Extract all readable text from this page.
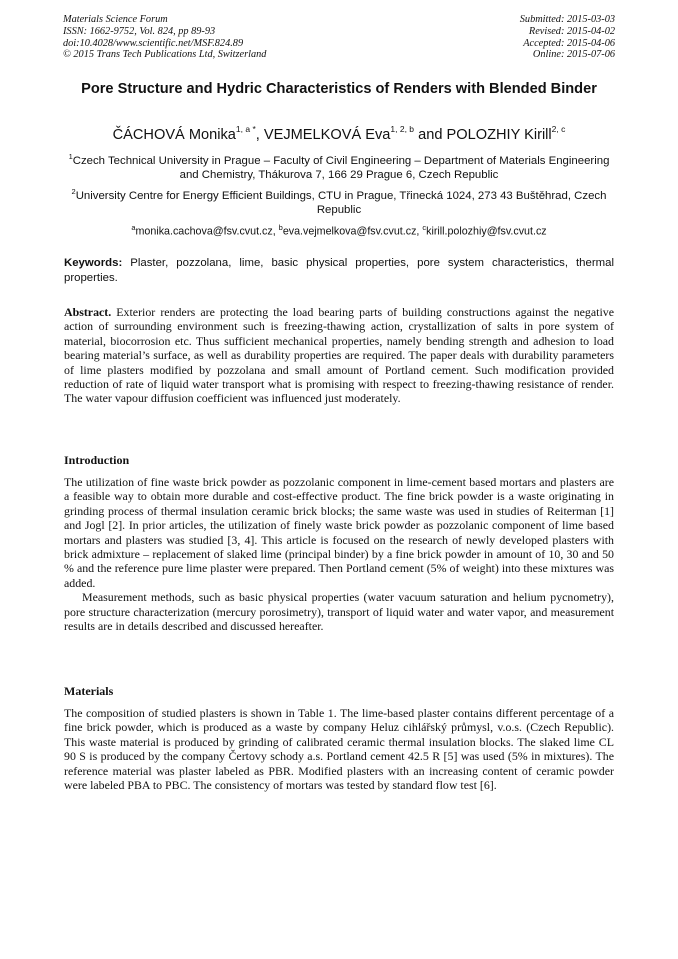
Materials Science Forum
ISSN: 1662-9752, Vol. 824, pp 89-93
doi:10.4028/www.scientific.net/MSF.824.89
© 2015 Trans Tech Publications Ltd, Switzerland
Submitted: 2015-03-03
Revised: 2015-04-02
Accepted: 2015-04-06
Online: 2015-07-06
Pore Structure and Hydric Characteristics of Renders with Blended Binder
ČÁCHOVÁ Monika$^{1, a *}$, VEJMELKOVÁ Eva$^{1, 2, b}$ and POLOZHIY Kirill$^{2, c}$
$^1$Czech Technical University in Prague – Faculty of Civil Engineering – Department of Materials Engineering and Chemistry, Thákurova 7, 166 29 Prague 6, Czech Republic
$^2$University Centre for Energy Efficient Buildings, CTU in Prague, Třinecká 1024, 273 43 Buštěhrad, Czech Republic
$^a$monika.cachova@fsv.cvut.cz, $^b$eva.vejmelkova@fsv.cvut.cz, $^c$kirill.polozhiy@fsv.cvut.cz
Keywords: Plaster, pozzolana, lime, basic physical properties, pore system characteristics, thermal properties.
Abstract. Exterior renders are protecting the load bearing parts of building constructions against the negative action of surrounding environment such is freezing-thawing action, crystallization of salts in pore system of material, biocorrosion etc. Thus sufficient mechanical properties, namely bending strength and adhesion to load bearing material’s surface, as well as durability properties are required. The paper deals with durability parameters of lime plasters modified by pozzolana and small amount of Portland cement. Such modification provided reduction of rate of liquid water transport what is promising with respect to freezing-thawing resistance of render. The water vapour diffusion coefficient was influenced just moderately.
Introduction

The utilization of fine waste brick powder as pozzolanic component in lime-cement based mortars and plasters are a feasible way to obtain more durable and cost-effective product. The fine brick powder is a waste originating in grinding process of thermal insulation ceramic brick blocks; the same waste was used in studies of Reiterman [1] and Jogl [2]. In prior articles, the utilization of finely waste brick powder as pozzolanic component of lime based mortars and plasters was studied [3, 4]. This article is focused on the research of newly developed plasters with brick admixture – replacement of slaked lime (principal binder) by a fine brick powder in amount of 10, 30 and 50 % and the reference pure lime plaster were prepared. Then Portland cement (5% of weight) into these mixtures was added.

Measurement methods, such as basic physical properties (water vacuum saturation and helium pycnometry), pore structure characterization (mercury porosimetry), transport of liquid water and water vapor, and measurement results are in details described and discussed hereafter.

Materials

The composition of studied plasters is shown in Table 1. The lime-based plaster contains different percentage of a fine brick powder, which is produced as a waste by company Heluz cihlářský průmysl, v.o.s. (Czech Republic). This waste material is produced by grinding of calibrated ceramic thermal insulation blocks. The slaked lime CL 90 S is produced by the company Čertovy schody a.s. Portland cement 42.5 R [5] was used (5% in mixtures). The reference material was plaster labeled as PBR. Modified plasters with an increasing content of ceramic powder were labeled PBA to PBC. The consistency of mortars was tested by standard flow test [6].
